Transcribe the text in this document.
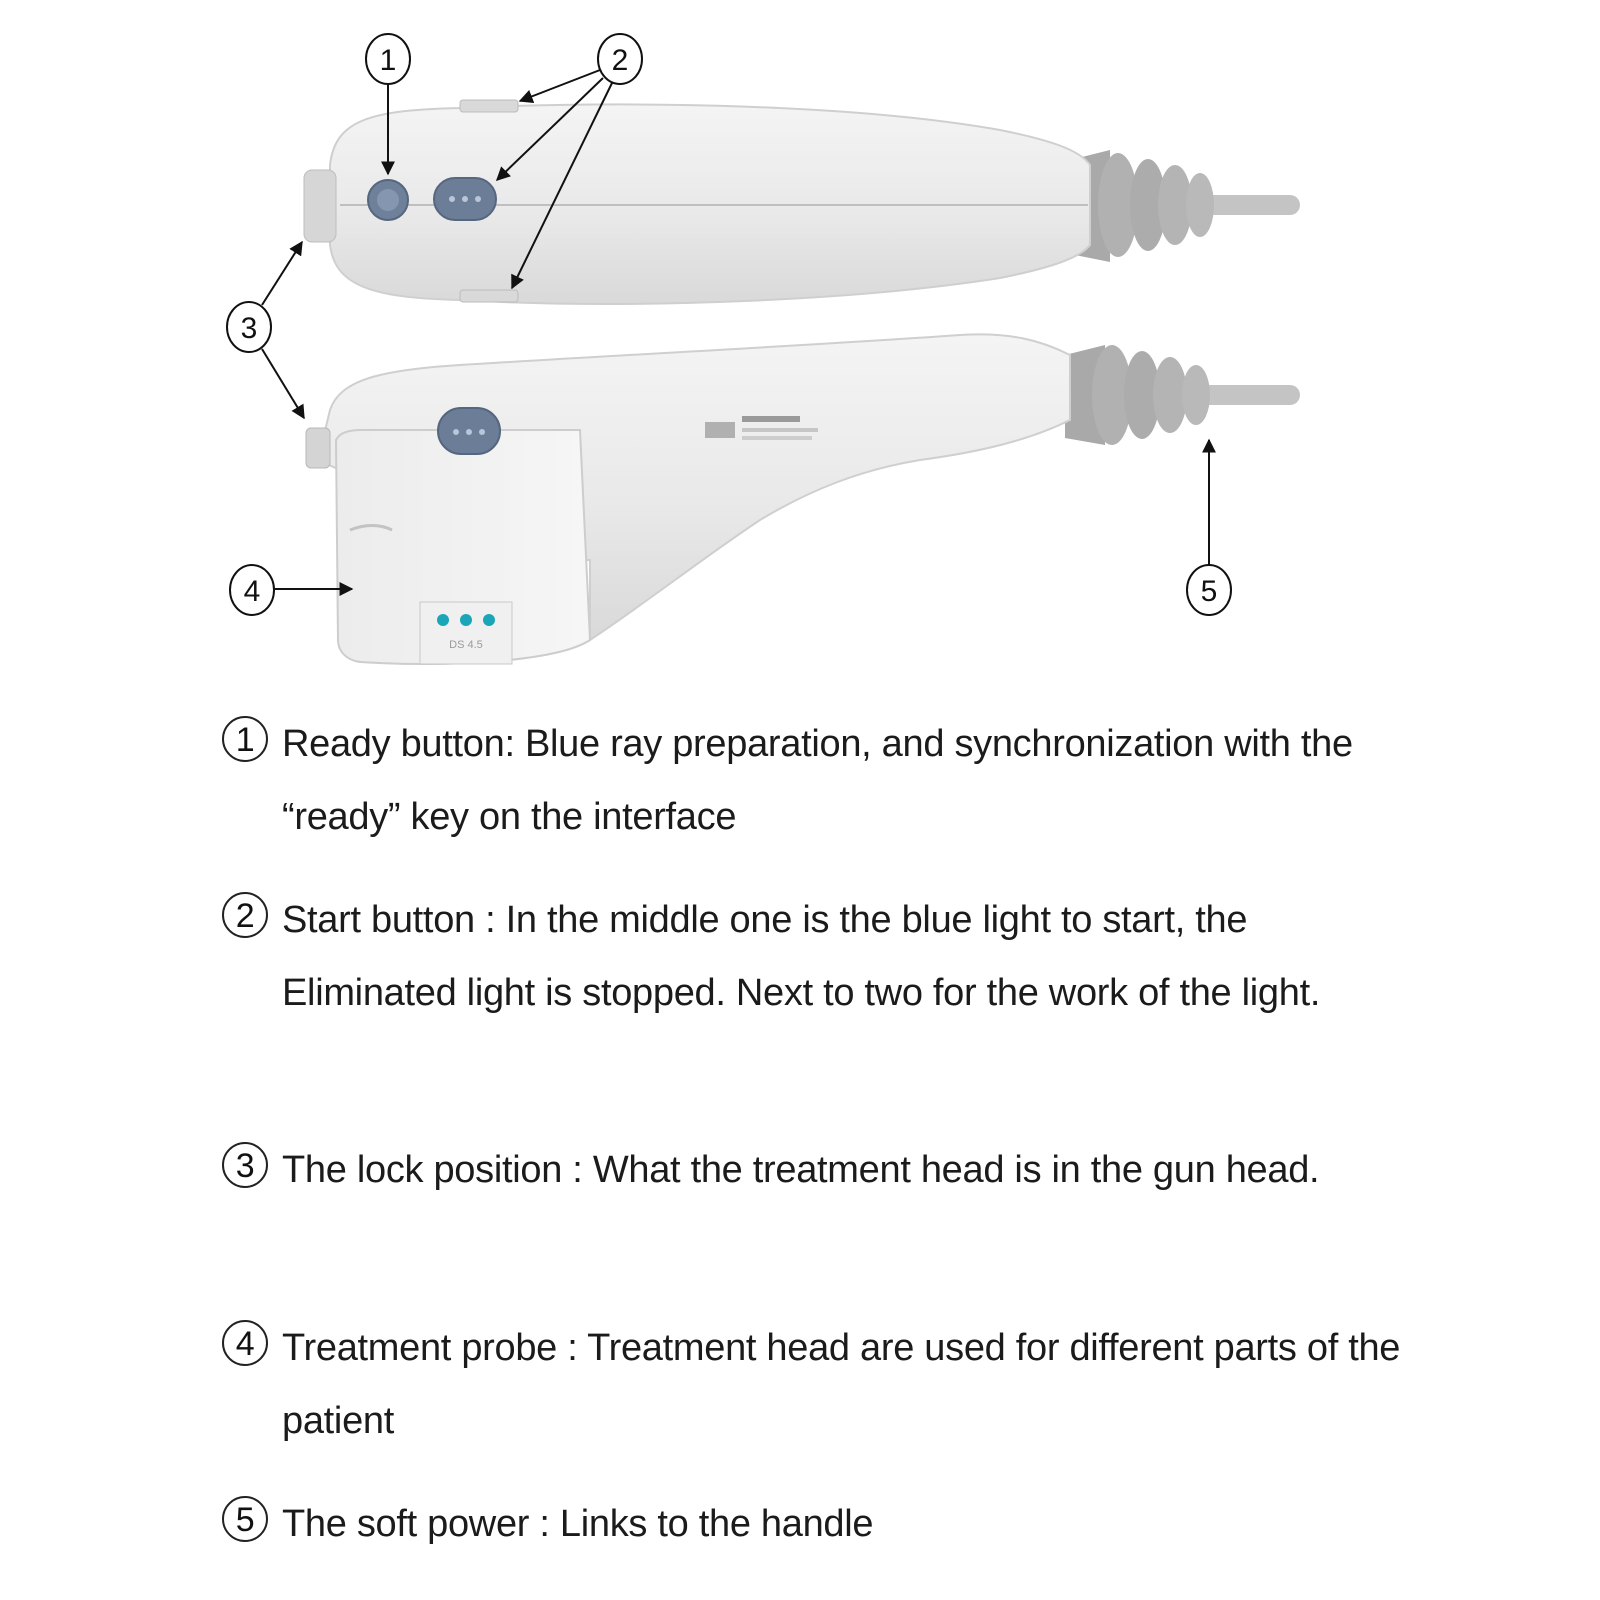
DS 4.5
1	2
3
4	5
1 Ready button: Blue ray preparation, and synchronization with the “ready” key on the interface
2 Start button : In the middle one is the blue light to start, the Eliminated light is stopped. Next to two for the work of the light.
3 The lock position : What the treatment head is in the gun head.
4 Treatment probe : Treatment head are used for different parts of the patient
5 The soft power : Links to the handle
